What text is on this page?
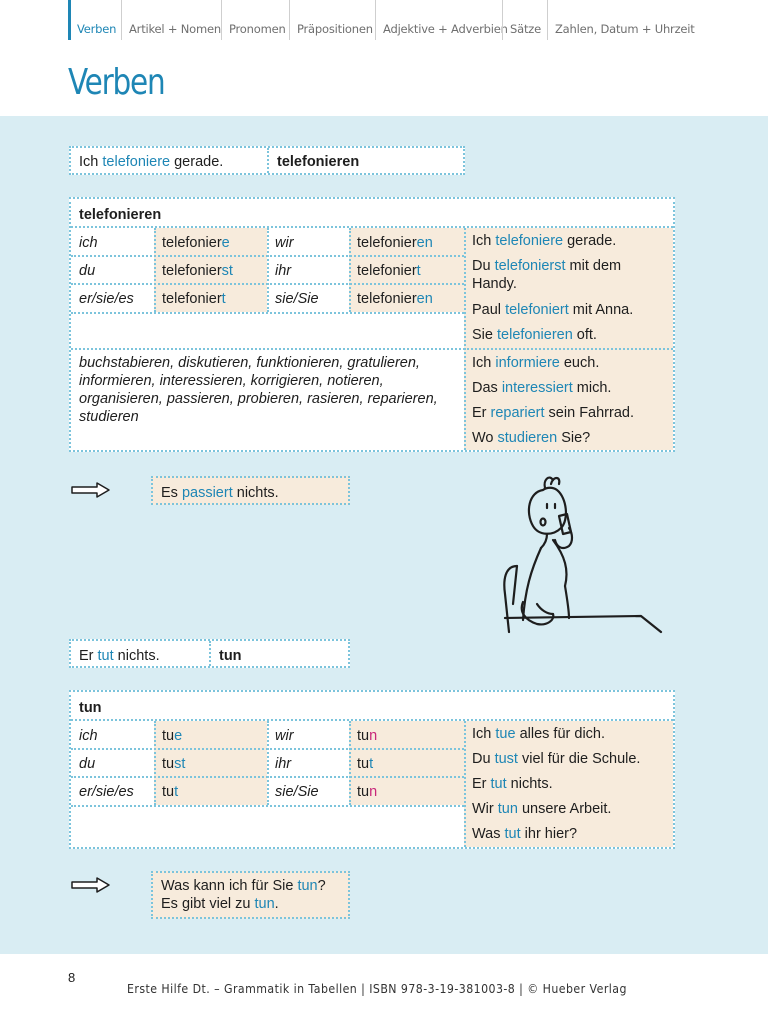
Verben	Artikel + Nomen Pronomen Präpositionen Adjektive + Adverbien Sätze	Zahlen, Datum + Uhrzeit
Verben
Ich telefoniere gerade.	telefonieren
telefonieren
ich	telefoniere	wir	telefonieren
du	telefonierst	ihr	telefoniert
er/sie/es	telefoniert	sie/Sie	telefonieren
Ich telefoniere gerade.
Du telefonierst mit dem
Handy.
Paul telefoniert mit Anna.
Sie telefonieren oft.
buchstabieren, diskutieren, funktionieren, gratulieren,
informieren, interessieren, korrigieren, notieren,
organisieren, passieren, probieren, rasieren, reparieren,
studieren
Ich informiere euch.
Das interessiert mich.
Er repariert sein Fahrrad.
Wo studieren Sie?
Es passiert nichts.
Er tut nichts.	tun
tun
ich	tue	wir	tun
du	tust	ihr	tut
er/sie/es	tut	sie/Sie	tun
Ich tue alles für dich.
Du tust viel für die Schule.
Er tut nichts.
Wir tun unsere Arbeit.
Was tut ihr hier?
Was kann ich für Sie tun?
Es gibt viel zu tun.
8
Erste Hilfe Dt. – Grammatik in Tabellen | ISBN 978-3-19-381003-8 | © Hueber Verlag
